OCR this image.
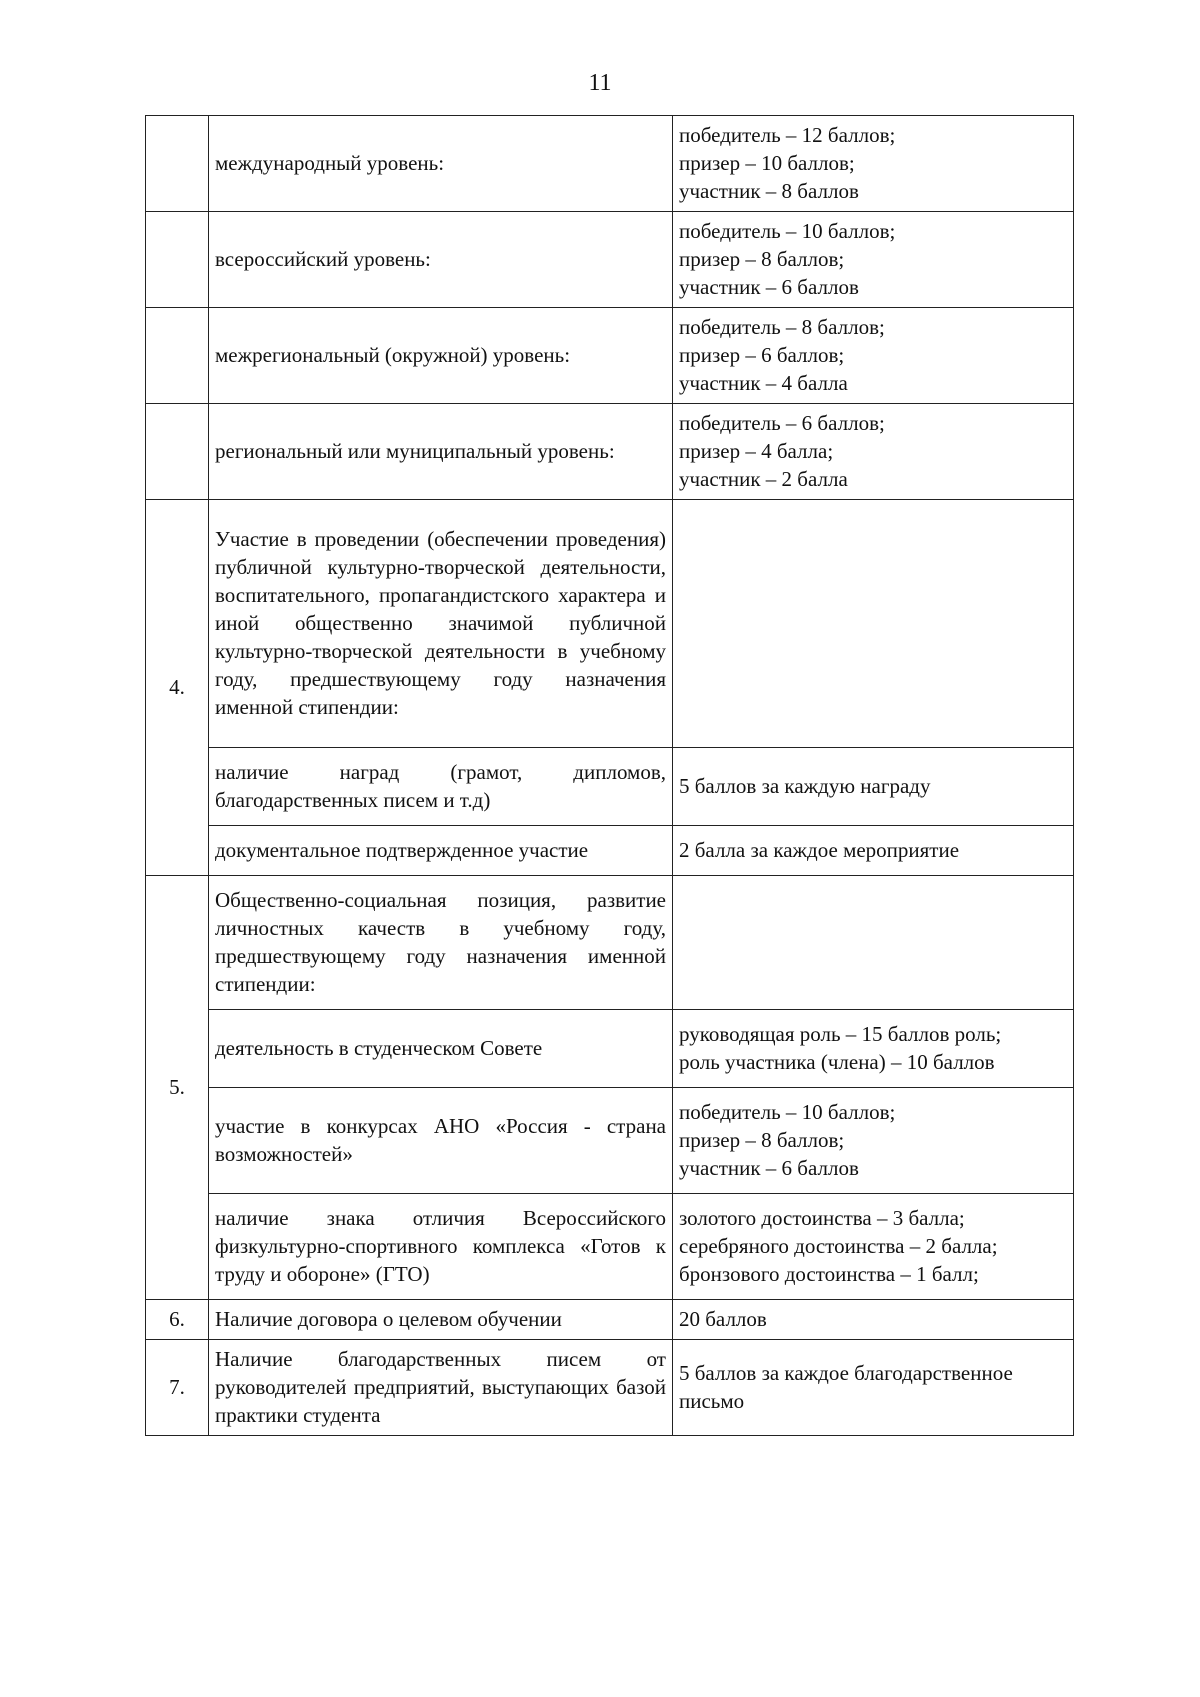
11
	международный уровень:	победитель – 12 баллов;
призер – 10 баллов;
участник – 8 баллов

	всероссийский уровень:	победитель – 10 баллов;
призер – 8 баллов;
участник – 6 баллов

	межрегиональный (окружной) уровень:	победитель – 8 баллов;
призер – 6 баллов;
участник – 4 балла

	региональный или муниципальный уровень:	победитель – 6 баллов;
призер – 4 балла;
участник – 2 балла

4.	Участие в проведении (обеспечении проведения) публичной культурно-творческой деятельности, воспитательного, пропагандистского характера и иной общественно значимой публичной культурно-творческой деятельности в учебному году, предшествующему году назначения именной стипендии:	
	наличие наград (грамот, дипломов, благодарственных писем и т.д)	5 баллов за каждую награду
	документальное подтвержденное участие	2 балла за каждое мероприятие
5.	Общественно-социальная позиция, развитие личностных качеств в учебному году, предшествующему году назначения именной стипендии:	
	деятельность в студенческом Совете	руководящая роль – 15 баллов роль;
роль участника (члена) – 10 баллов

	участие в конкурсах АНО «Россия - страна возможностей»	победитель – 10 баллов;
призер – 8 баллов;
участник – 6 баллов

	наличие знака отличия Всероссийского физкультурно-спортивного комплекса «Готов к труду и обороне» (ГТО)	золотого достоинства – 3 балла;
серебряного достоинства – 2 балла;
бронзового достоинства – 1 балл;

6.	Наличие договора о целевом обучении	20 баллов
7.	Наличие благодарственных писем от руководителей предприятий, выступающих базой практики студента	5 баллов за каждое благодарственное письмо
